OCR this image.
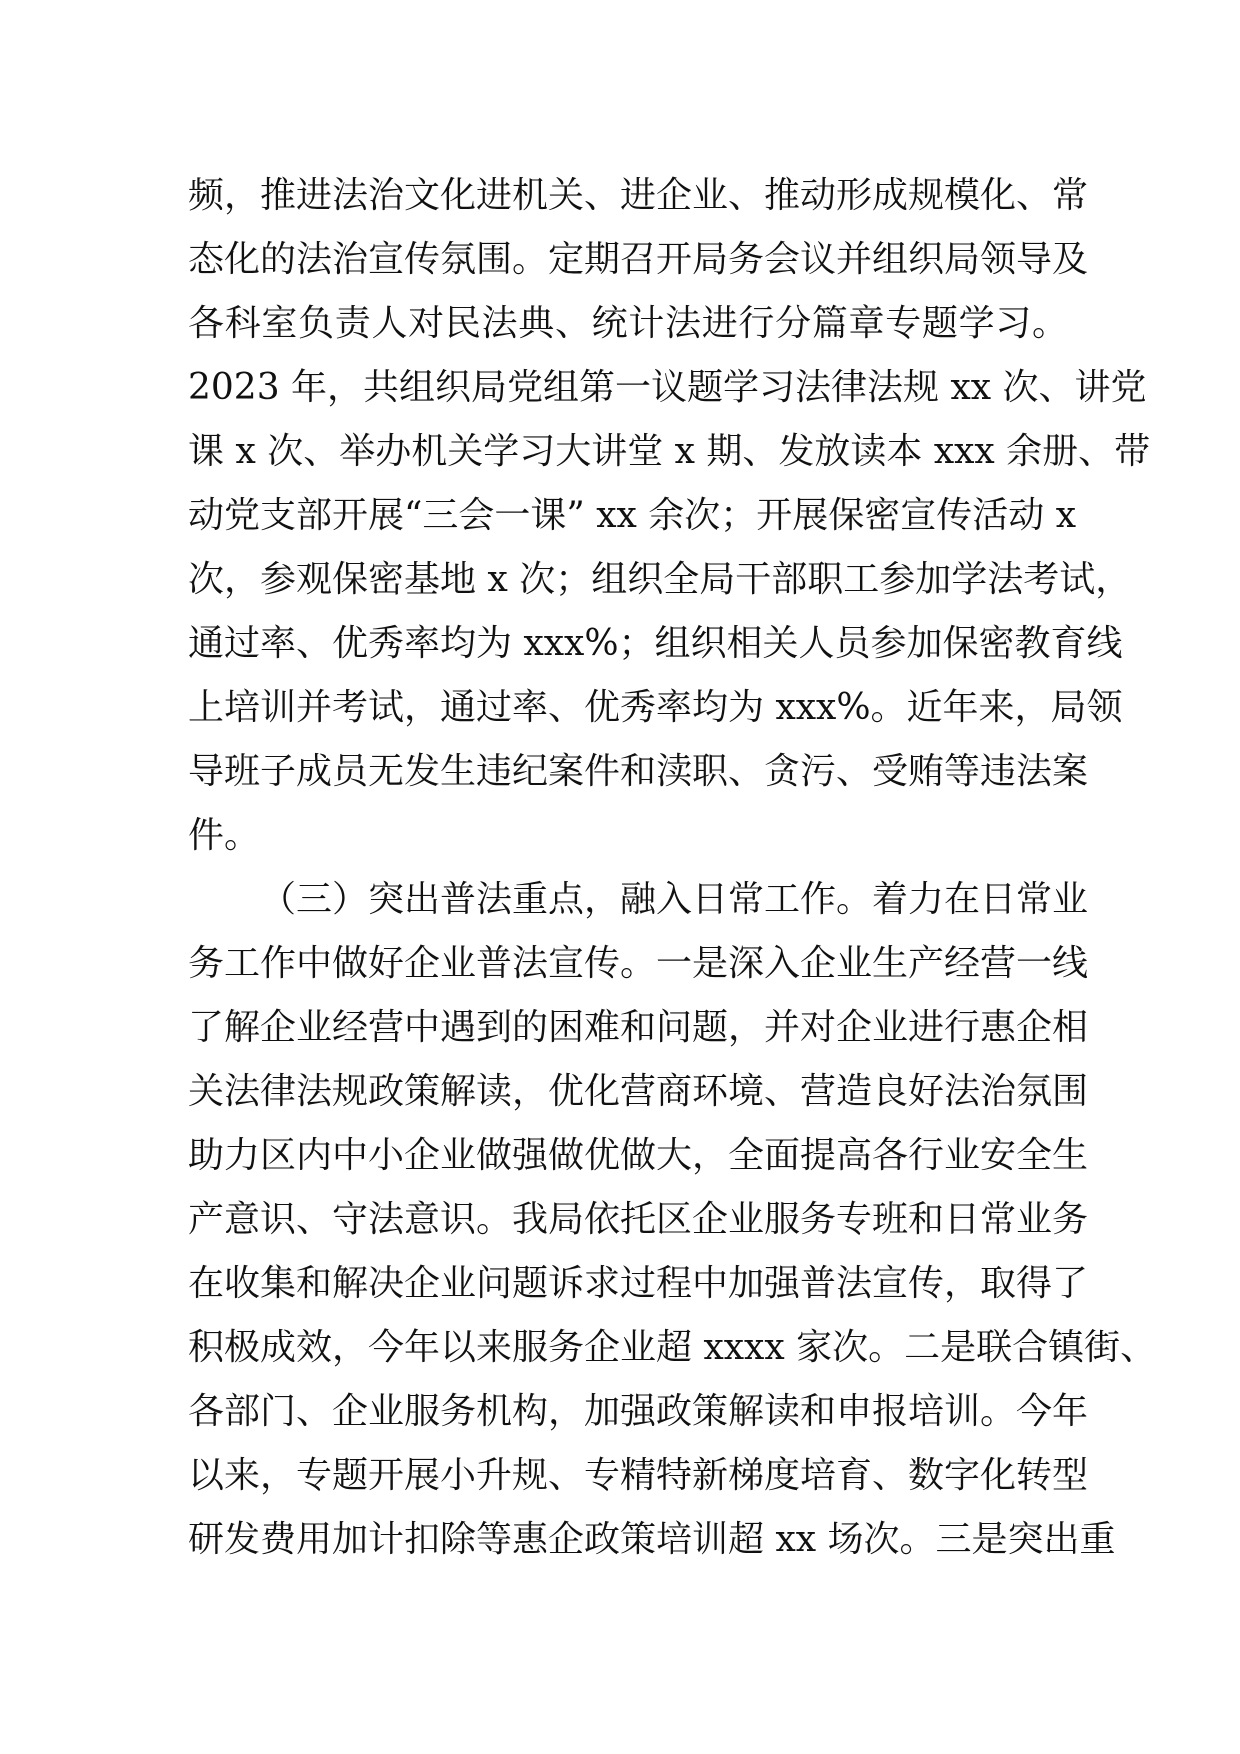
频，推进法治文化进机关、进企业、推动形成规模化、常
态化的法治宣传氛围。定期召开局务会议并组织局领导及
各科室负责人对民法典、统计法进行分篇章专题学习。
2023 年，共组织局党组第一议题学习法律法规 xx 次、讲党
课 x 次、举办机关学习大讲堂 x 期、发放读本 xxx 余册、带
动党支部开展“三会一课” xx 余次；开展保密宣传活动 x
次，参观保密基地 x 次；组织全局干部职工参加学法考试，
通过率、优秀率均为 xxx%；组织相关人员参加保密教育线
上培训并考试，通过率、优秀率均为 xxx%。近年来，局领
导班子成员无发生违纪案件和渎职、贪污、受贿等违法案
件。
（三）突出普法重点，融入日常工作。着力在日常业
务工作中做好企业普法宣传。一是深入企业生产经营一线
了解企业经营中遇到的困难和问题，并对企业进行惠企相
关法律法规政策解读，优化营商环境、营造良好法治氛围
助力区内中小企业做强做优做大，全面提高各行业安全生
产意识、守法意识。我局依托区企业服务专班和日常业务
在收集和解决企业问题诉求过程中加强普法宣传，取得了
积极成效，今年以来服务企业超 xxxx 家次。二是联合镇街、
各部门、企业服务机构，加强政策解读和申报培训。今年
以来，专题开展小升规、专精特新梯度培育、数字化转型
研发费用加计扣除等惠企政策培训超 xx 场次。三是突出重
